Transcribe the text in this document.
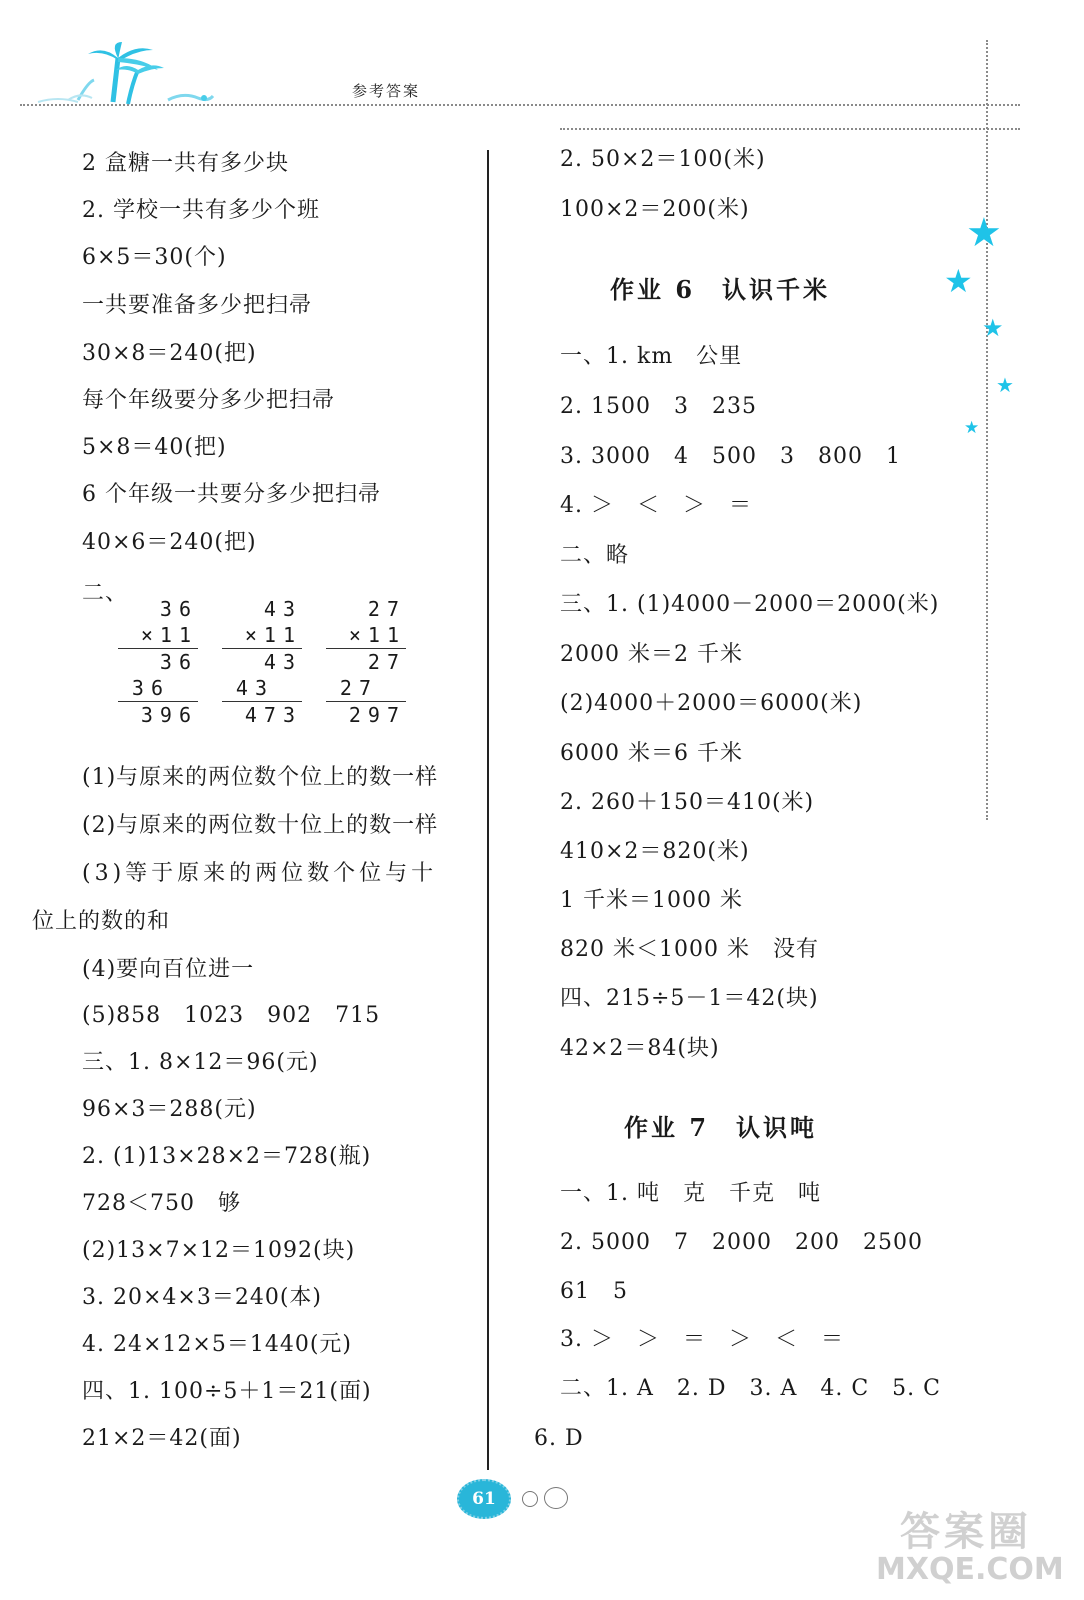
参考答案
★
★
★
★
★
2 盒糖一共有多少块
2. 学校一共有多少个班
6×5＝30(个)
一共要准备多少把扫帚
30×8＝240(把)
每个年级要分多少把扫帚
5×8＝40(把)
6 个年级一共要分多少把扫帚
40×6＝240(把)
二、
36
×11
36
36
396
43
×11
43
43
473
27
×11
27
27
297
(1)与原来的两位数个位上的数一样
(2)与原来的两位数十位上的数一样
(3)等于原来的两位数个位与十
位上的数的和
(4)要向百位进一
(5)858　1023　902　715
三、1. 8×12＝96(元)
96×3＝288(元)
2. (1)13×28×2＝728(瓶)
728＜750　够
(2)13×7×12＝1092(块)
3. 20×4×3＝240(本)
4. 24×12×5＝1440(元)
四、1. 100÷5＋1＝21(面)
21×2＝42(面)
2. 50×2＝100(米)
100×2＝200(米)
作业 6　认识千米
一、1. km　公里
2. 1500　3　235
3. 3000　4　500　3　800　1
4. ＞　＜　＞　＝
二、略
三、1. (1)4000－2000＝2000(米)
2000 米＝2 千米
(2)4000＋2000＝6000(米)
6000 米＝6 千米
2. 260＋150＝410(米)
410×2＝820(米)
1 千米＝1000 米
820 米＜1000 米　没有
四、215÷5－1＝42(块)
42×2＝84(块)
作业 7　认识吨
一、1. 吨　克　千克　吨
2. 5000　7　2000　200　2500
61　5
3. ＞　＞　＝　＞　＜　＝
二、1. A　2. D　3. A　4. C　5. C
6. D
61
答案圈
MXQE.COM
